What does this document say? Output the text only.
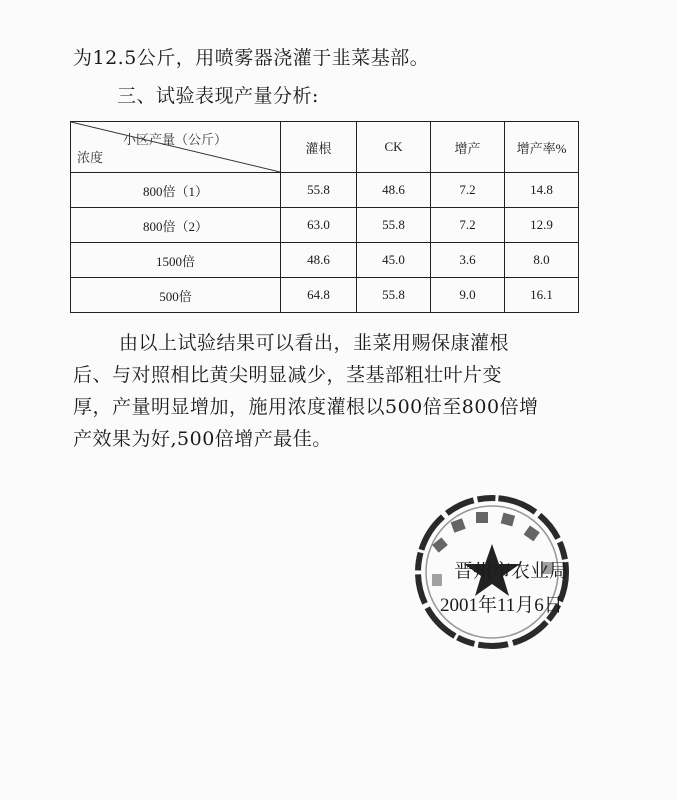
为12.5公斤，用喷雾器浇灌于韭菜基部。
三、试验表现产量分析:
小区产量（公斤）
浓度	灌根	CK	增产	增产率%
800倍（1）	55.8	48.6	7.2	14.8
800倍（2）	63.0	55.8	7.2	12.9
1500倍	48.6	45.0	3.6	8.0
500倍	64.8	55.8	9.0	16.1

由以上试验结果可以看出，韭菜用赐保康灌根

后、与对照相比黄尖明显减少，茎基部粗壮叶片变

厚，产量明显增加，施用浓度灌根以500倍至800倍增

产效果为好,500倍增产最佳。

晋州市农业局
2001年11月6日
